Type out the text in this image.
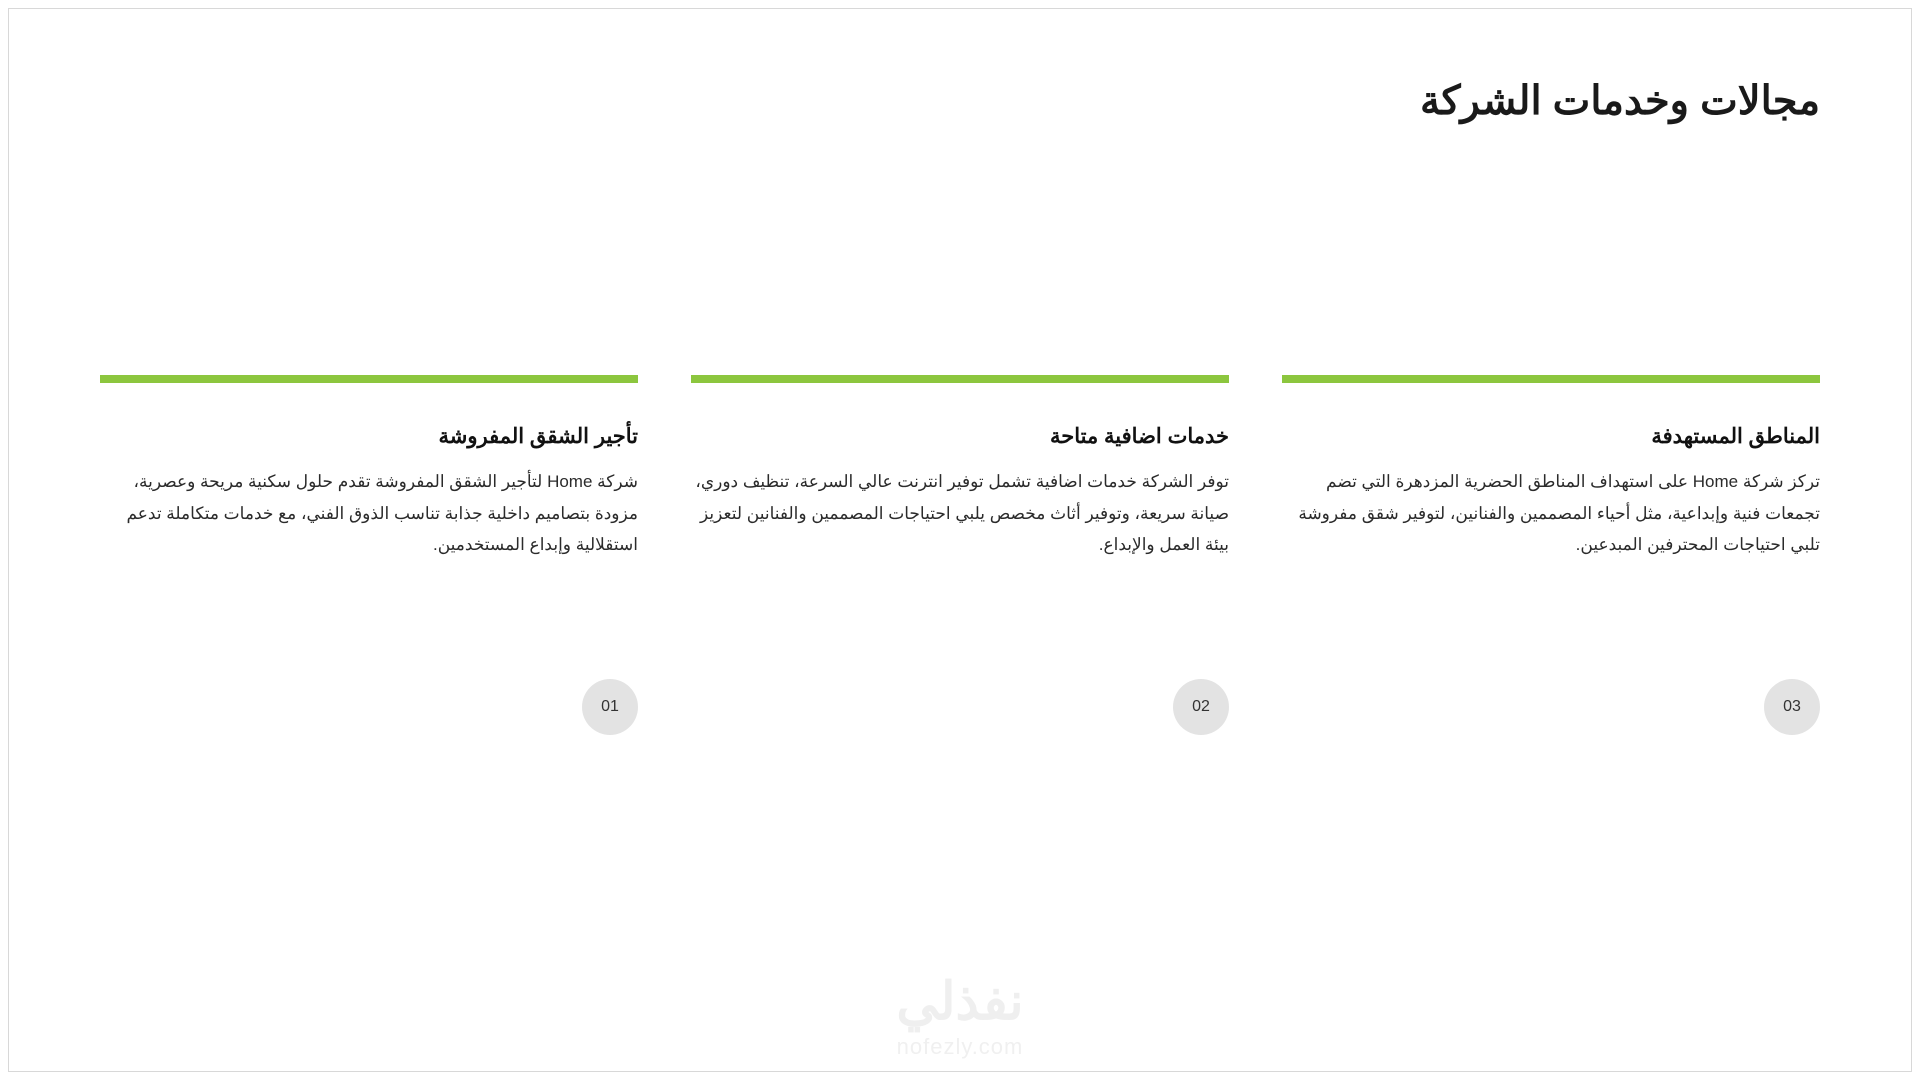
مجالات وخدمات الشركة
تأجير الشقق المفروشة
شركة Home لتأجير الشقق المفروشة تقدم حلول سكنية مريحة وعصرية، مزودة بتصاميم داخلية جذابة تناسب الذوق الفني، مع خدمات متكاملة تدعم استقلالية وإبداع المستخدمين.
01
خدمات اضافية متاحة
توفر الشركة خدمات اضافية تشمل توفير انترنت عالي السرعة، تنظيف دوري، صيانة سريعة، وتوفير أثاث مخصص يلبي احتياجات المصممين والفنانين لتعزيز بيئة العمل والإبداع.
02
المناطق المستهدفة
تركز شركة Home على استهداف المناطق الحضرية المزدهرة التي تضم تجمعات فنية وإبداعية، مثل أحياء المصممين والفنانين، لتوفير شقق مفروشة تلبي احتياجات المحترفين المبدعين.
03
نفذلي
nofezly.com
